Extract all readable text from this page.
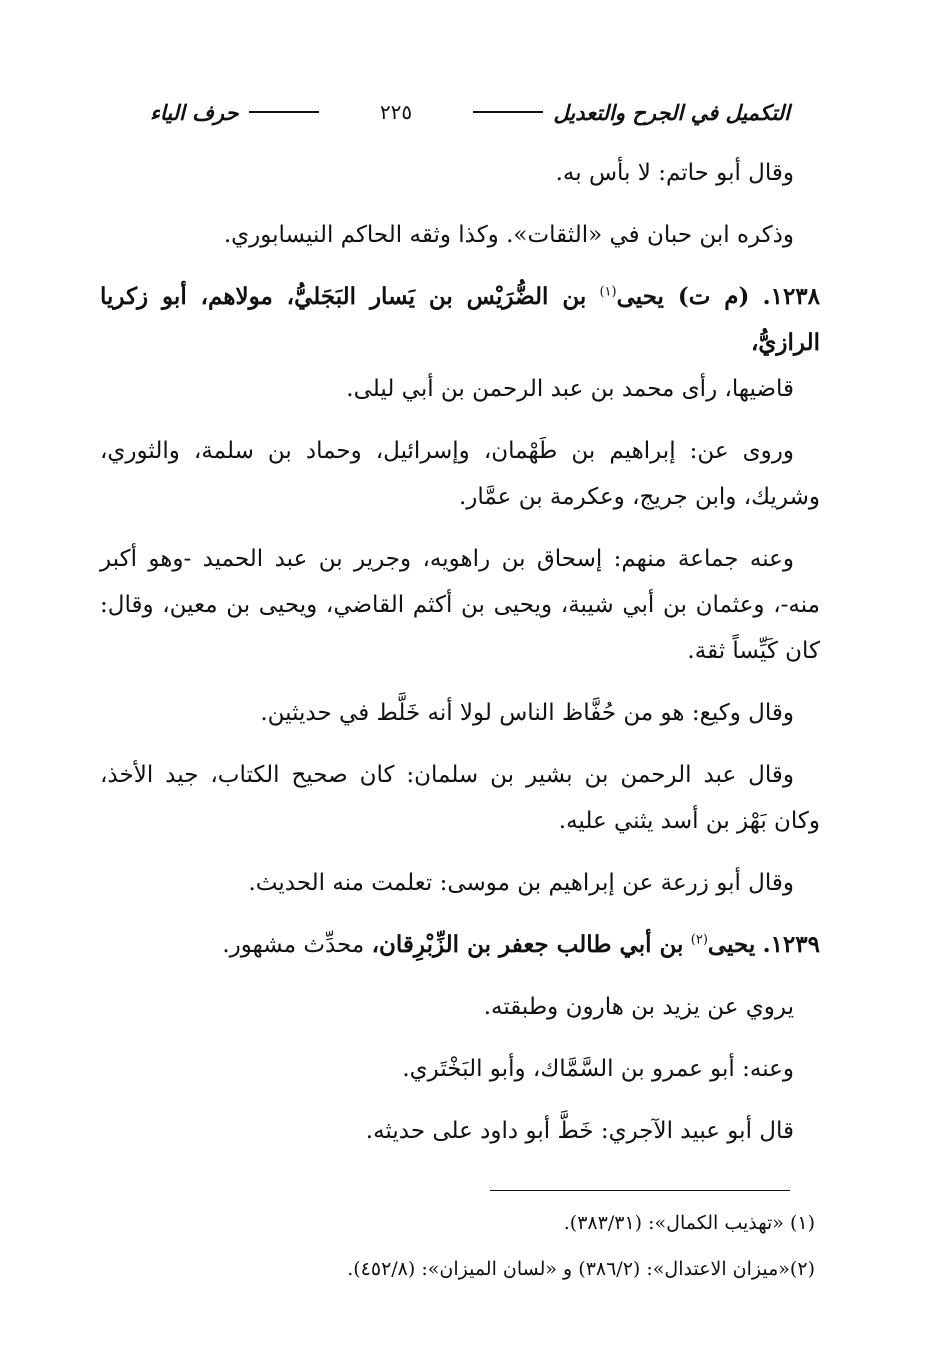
التكميل في الجرح والتعديل
٢٢٥
حرف الياء

وقال أبو حاتم: لا بأس به.

وذكره ابن حبان في «الثقات». وكذا وثقه الحاكم النيسابوري.

١٢٣٨. (م ت) يحيى$^{(١)}$ بن الضُّرَيْس بن يَسار البَجَليُّ، مولاهم، أبو زكريا الرازيُّ،
قاضيها، رأى محمد بن عبد الرحمن بن أبي ليلى.

وروى عن: إبراهيم بن طَهْمان، وإسرائيل، وحماد بن سلمة، والثوري، وشريك، وابن جريج، وعكرمة بن عمَّار.

وعنه جماعة منهم: إسحاق بن راهويه، وجرير بن عبد الحميد -وهو أكبر منه-، وعثمان بن أبي شيبة، ويحيى بن أكثم القاضي، ويحيى بن معين، وقال: كان كَيِّساً ثقة.

وقال وكيع: هو من حُفَّاظ الناس لولا أنه خَلَّط في حديثين.

وقال عبد الرحمن بن بشير بن سلمان: كان صحيح الكتاب، جيد الأخذ، وكان بَهْز بن أسد يثني عليه.

وقال أبو زرعة عن إبراهيم بن موسى: تعلمت منه الحديث.

١٢٣٩. يحيى$^{(٢)}$ بن أبي طالب جعفر بن الزِّبْرِقان، محدِّث مشهور.

يروي عن يزيد بن هارون وطبقته.

وعنه: أبو عمرو بن السَّمَّاك، وأبو البَخْتَري.

قال أبو عبيد الآجري: خَطَّ أبو داود على حديثه.

(١) «تهذيب الكمال»: (٣٨٣/٣١).

(٢)«ميزان الاعتدال»: (٣٨٦/٢) و «لسان الميزان»: (٤٥٢/٨).
